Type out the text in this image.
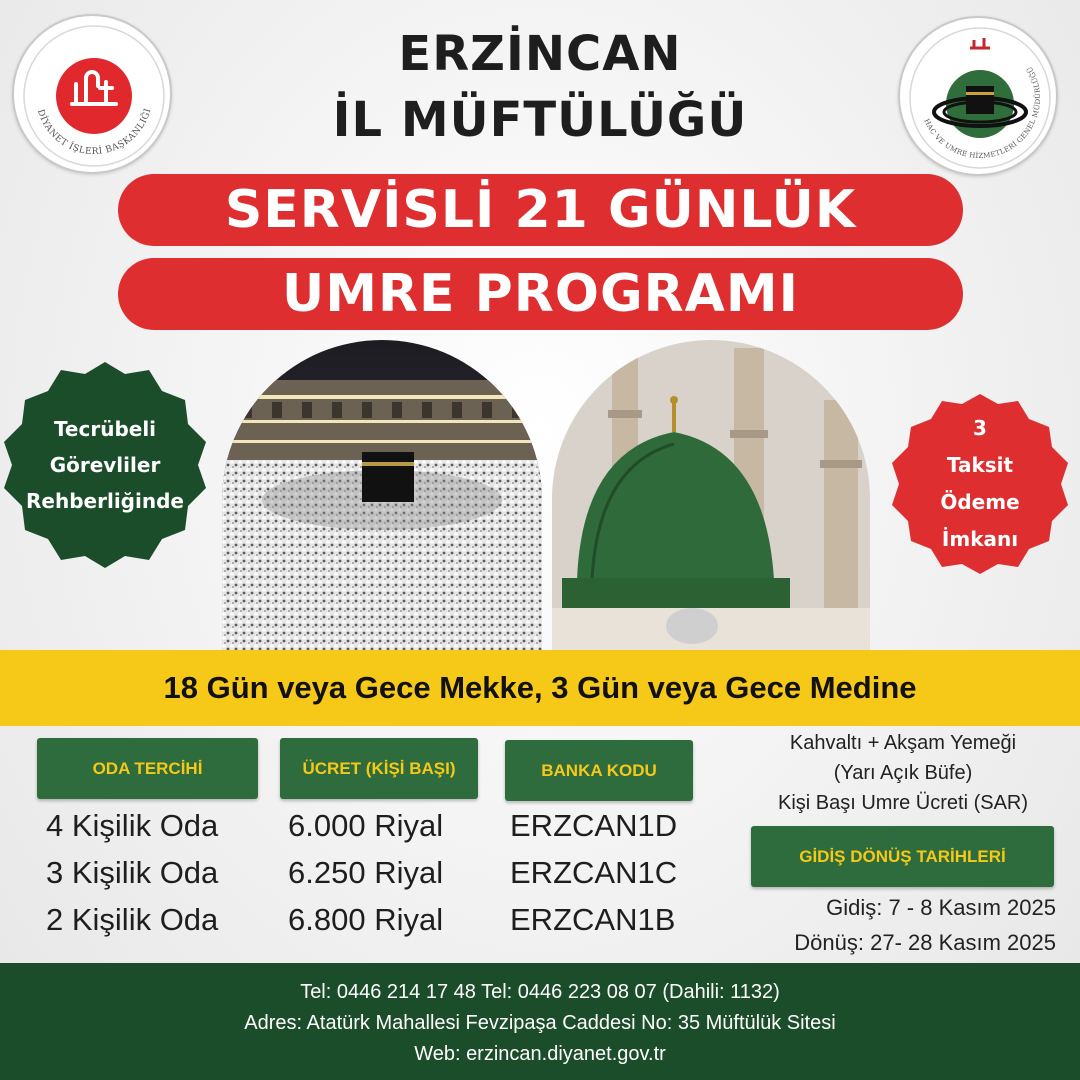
DİYANET İŞLERİ BAŞKANLIĞI
HAC VE UMRE HİZMETLERİ GENEL MÜDÜRLÜĞÜ
ERZİNCAN
İL MÜFTÜLÜĞÜ
SERVİSLİ 21 GÜNLÜK
UMRE PROGRAMI
Tecrübeli
Görevliler
Rehberliğinde
3
Taksit
Ödeme
İmkanı
18 Gün veya Gece Mekke, 3 Gün veya Gece Medine
ODA TERCİHİ	ÜCRET (KİŞİ BAŞI)	BANKA KODU
4 Kişilik Oda 6.000 Riyal ERZCAN1D
3 Kişilik Oda 6.250 Riyal ERZCAN1C
2 Kişilik Oda 6.800 Riyal ERZCAN1B
Kahvaltı + Akşam Yemeği
(Yarı Açık Büfe)
Kişi Başı Umre Ücreti (SAR)
GİDİŞ DÖNÜŞ TARİHLERİ
Gidiş: 7 - 8 Kasım 2025
Dönüş: 27- 28 Kasım 2025
Tel: 0446 214 17 48 Tel: 0446 223 08 07 (Dahili: 1132)
Adres: Atatürk Mahallesi Fevzipaşa Caddesi No: 35 Müftülük Sitesi
Web: erzincan.diyanet.gov.tr
